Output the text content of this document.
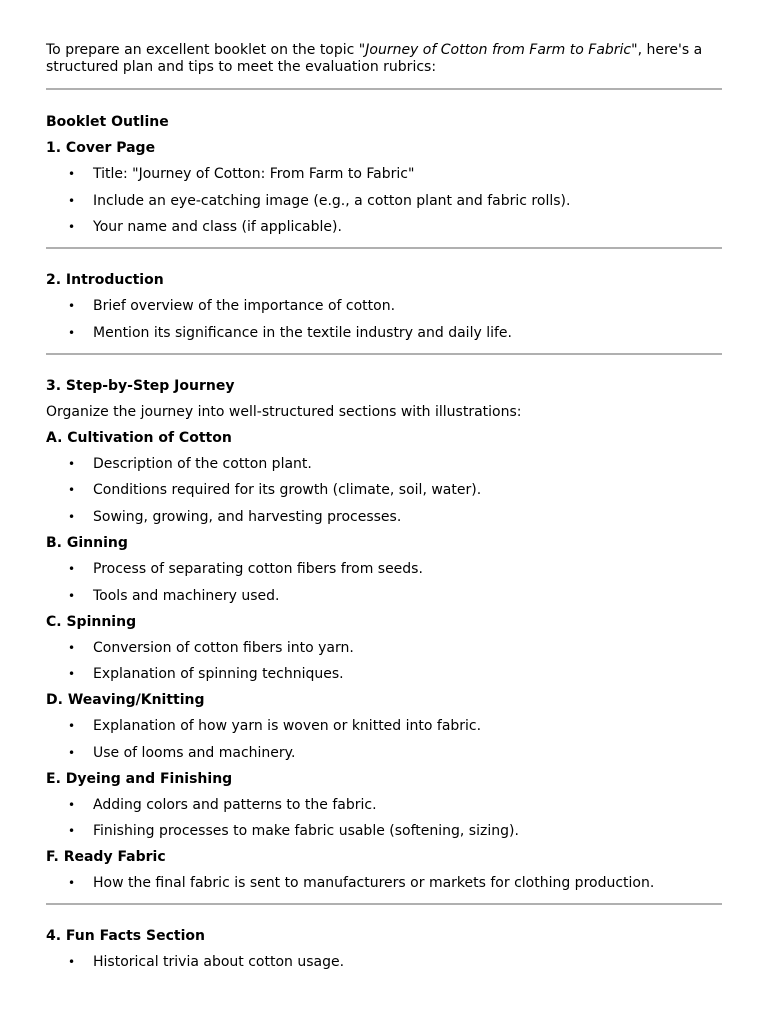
To prepare an excellent booklet on the topic "Journey of Cotton from Farm to Fabric", here's a structured plan and tips to meet the evaluation rubrics:

Booklet Outline
1. Cover Page
• Title: "Journey of Cotton: From Farm to Fabric"
• Include an eye-catching image (e.g., a cotton plant and fabric rolls).
• Your name and class (if applicable).
2. Introduction
• Brief overview of the importance of cotton.
• Mention its significance in the textile industry and daily life.
3. Step-by-Step Journey
Organize the journey into well-structured sections with illustrations:
A. Cultivation of Cotton
• Description of the cotton plant.
• Conditions required for its growth (climate, soil, water).
• Sowing, growing, and harvesting processes.
B. Ginning
• Process of separating cotton fibers from seeds.
• Tools and machinery used.
C. Spinning
• Conversion of cotton fibers into yarn.
• Explanation of spinning techniques.
D. Weaving/Knitting
• Explanation of how yarn is woven or knitted into fabric.
• Use of looms and machinery.
E. Dyeing and Finishing
• Adding colors and patterns to the fabric.
• Finishing processes to make fabric usable (softening, sizing).
F. Ready Fabric
• How the final fabric is sent to manufacturers or markets for clothing production.
4. Fun Facts Section
• Historical trivia about cotton usage.
